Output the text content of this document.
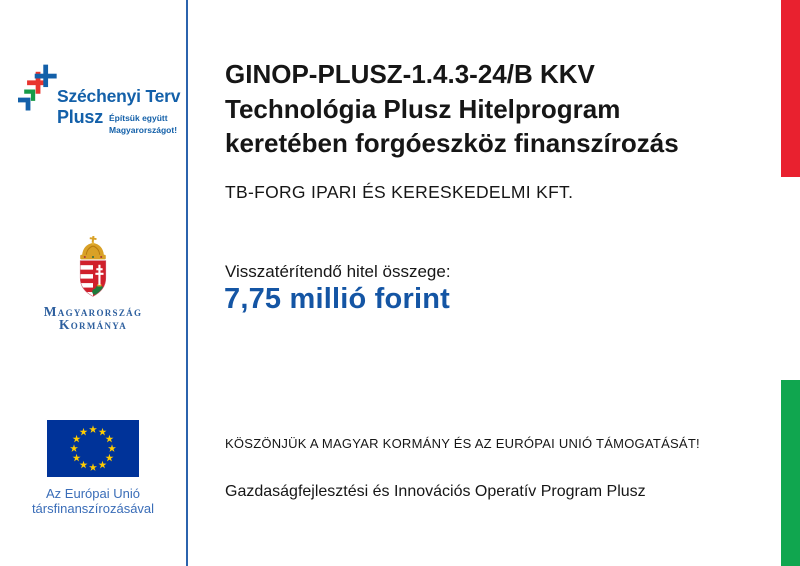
Széchenyi Terv
Plusz Építsük együtt
Magyarországot!
Magyarország
Kormánya
Az Európai Unió
társfinanszírozásával
GINOP-PLUSZ-1.4.3-24/B KKV
Technológia Plusz Hitelprogram
keretében forgóeszköz finanszírozás
TB-FORG IPARI ÉS KERESKEDELMI KFT.
Visszatérítendő hitel összege:
7,75 millió forint
KÖSZÖNJÜK A MAGYAR KORMÁNY ÉS AZ EURÓPAI UNIÓ TÁMOGATÁSÁT!
Gazdaságfejlesztési és Innovációs Operatív Program Plusz
